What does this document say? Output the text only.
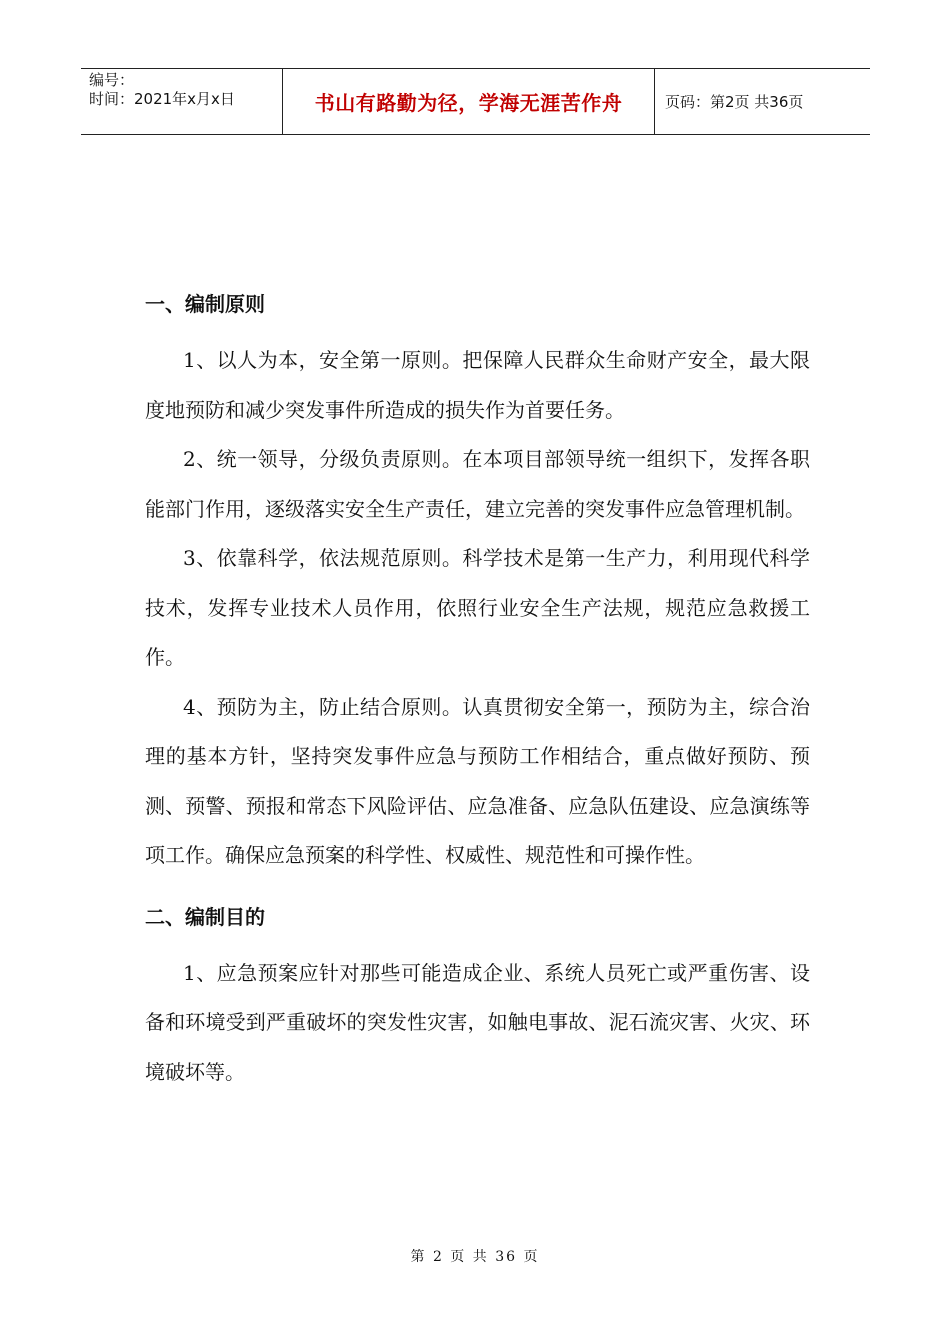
编号：
时间：2021年x月x日	书山有路勤为径，学海无涯苦作舟	页码：第2页 共36页
一、编制原则

1、以人为本，安全第一原则。把保障人民群众生命财产安全，最大限度地预防和减少突发事件所造成的损失作为首要任务。

2、统一领导，分级负责原则。在本项目部领导统一组织下，发挥各职能部门作用，逐级落实安全生产责任，建立完善的突发事件应急管理机制。

3、依靠科学，依法规范原则。科学技术是第一生产力，利用现代科学技术，发挥专业技术人员作用，依照行业安全生产法规，规范应急救援工作。

4、预防为主，防止结合原则。认真贯彻安全第一，预防为主，综合治理的基本方针，坚持突发事件应急与预防工作相结合，重点做好预防、预测、预警、预报和常态下风险评估、应急准备、应急队伍建设、应急演练等项工作。确保应急预案的科学性、权威性、规范性和可操作性。

二、编制目的

1、应急预案应针对那些可能造成企业、系统人员死亡或严重伤害、设备和环境受到严重破坏的突发性灾害，如触电事故、泥石流灾害、火灾、环境破坏等。

第 2 页 共 36 页
